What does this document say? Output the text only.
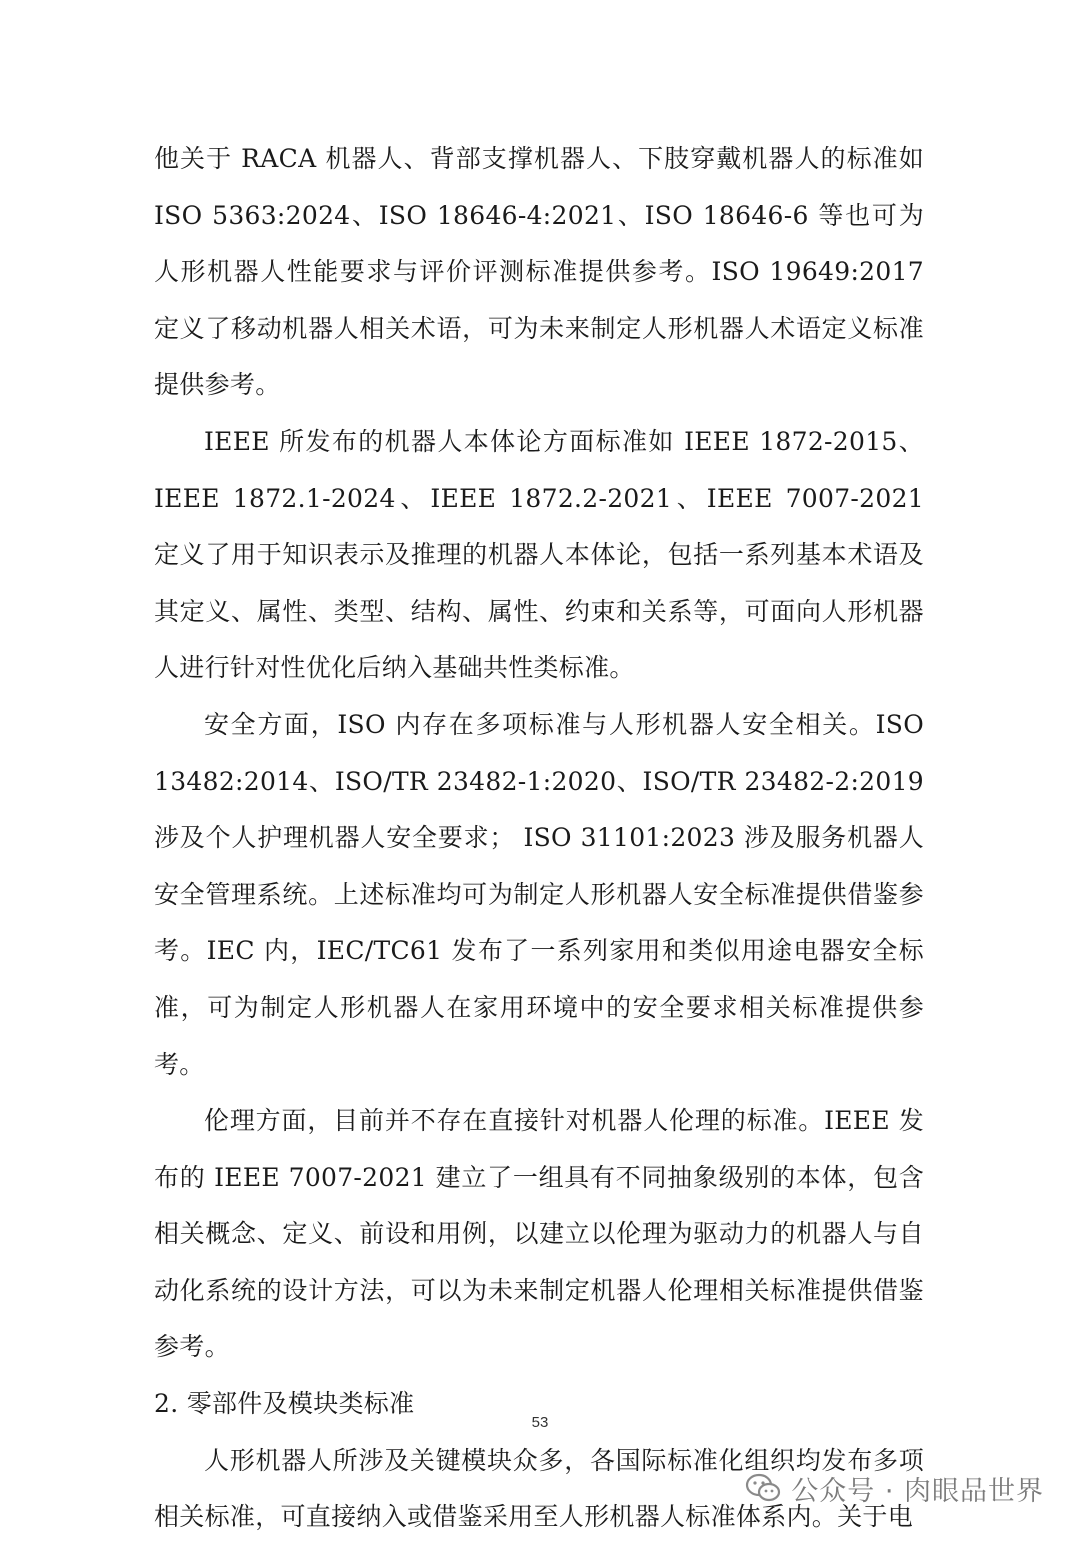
他关于 RACA 机器人、背部支撑机器人、下肢穿戴机器人的标准如 ISO 5363:2024、ISO 18646-4:2021、ISO 18646-6 等也可为人形机器人性能要求与评价评测标准提供参考。ISO 19649:2017 定义了移动机器人相关术语，可为未来制定人形机器人术语定义标准提供参考。

IEEE 所发布的机器人本体论方面标准如 IEEE 1872-2015、IEEE 1872.1-2024、IEEE 1872.2-2021、IEEE 7007-2021 定义了用于知识表示及推理的机器人本体论，包括一系列基本术语及其定义、属性、类型、结构、属性、约束和关系等，可面向人形机器人进行针对性优化后纳入基础共性类标准。

安全方面，ISO 内存在多项标准与人形机器人安全相关。ISO 13482:2014、ISO/TR 23482-1:2020、ISO/TR 23482-2:2019 涉及个人护理机器人安全要求； ISO 31101:2023 涉及服务机器人安全管理系统。上述标准均可为制定人形机器人安全标准提供借鉴参考。IEC 内，IEC/TC61 发布了一系列家用和类似用途电器安全标准，可为制定人形机器人在家用环境中的安全要求相关标准提供参考。

伦理方面，目前并不存在直接针对机器人伦理的标准。IEEE 发布的 IEEE 7007-2021 建立了一组具有不同抽象级别的本体，包含相关概念、定义、前设和用例，以建立以伦理为驱动力的机器人与自动化系统的设计方法，可以为未来制定机器人伦理相关标准提供借鉴参考。

2. 零部件及模块类标准

人形机器人所涉及关键模块众多，各国际标准化组织均发布多项相关标准，可直接纳入或借鉴采用至人形机器人标准体系内。关于电

53
公众号 · 肉眼品世界
